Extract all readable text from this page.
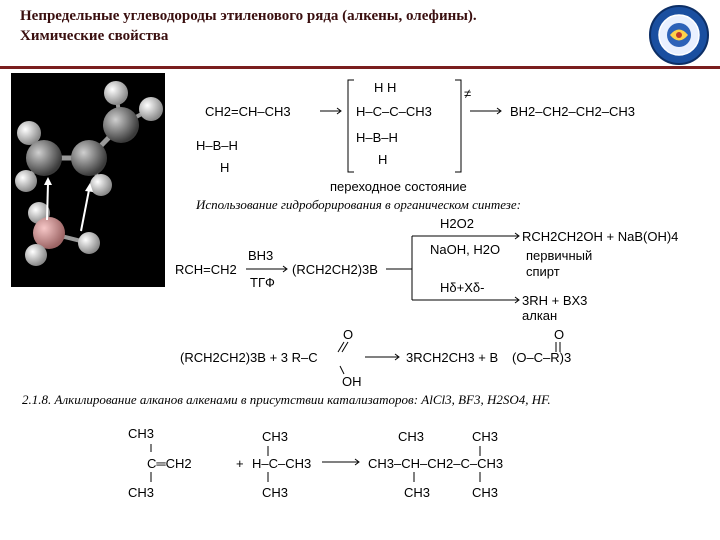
Непредельные углеводороды этиленового ряда (алкены, олефины).
Химические свойства
CH2=CH–CH3
H–B–H
H
H H
H–C–C–CH3
H–B–H
H
≠
BH2–CH2–CH2–CH3
переходное состояние
Использование гидроборирования в органическом синтезе:
RCH=CH2
BH3
ТГФ
(RCH2CH2)3B
H2O2
NaOH, H2O
RCH2CH2OH + NaB(OH)4
первичный
спирт
Hδ+Xδ-
3RH + BX3
алкан
O
(RCH2CH2)3B + 3 R–C
OH
3RCH2CH3 + B
O
(O–C–R)3
2.1.8. Алкилирование алканов алкенами в присутствии катализаторов: AlCl3, BF3, H2SO4, HF.
CH3
C═CH2
CH3
+
CH3
H–C–CH3
CH3
CH3	CH3
CH3–CH–CH2–C–CH3
CH3	CH3
